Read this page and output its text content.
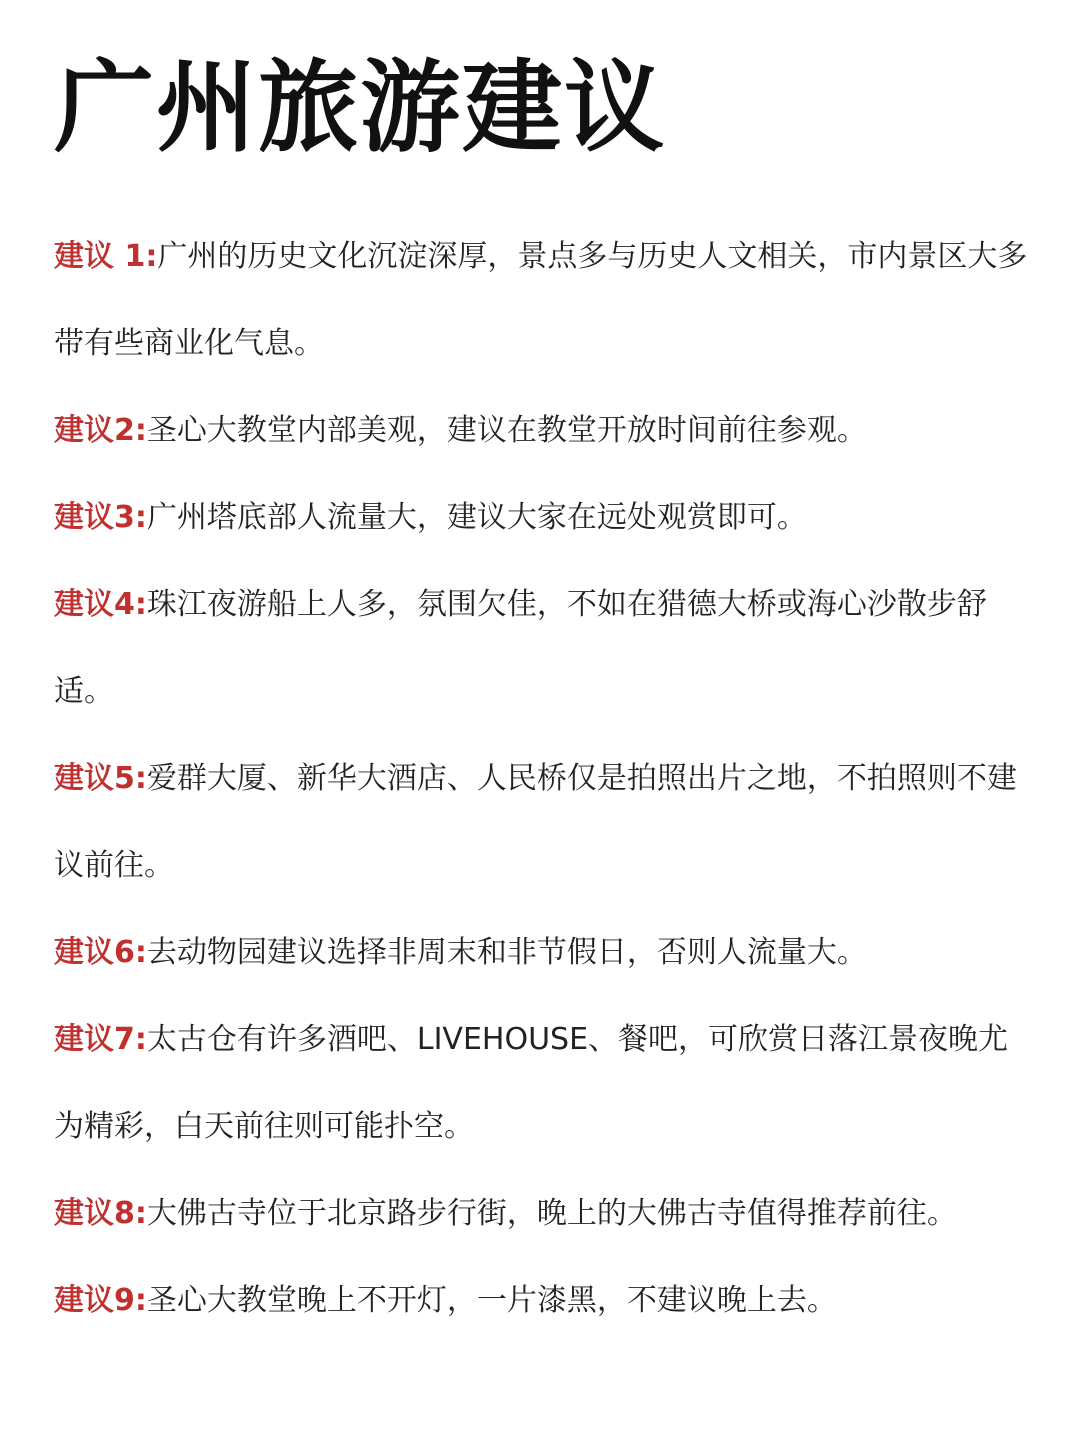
广州旅游建议
建议 1:广州的历史文化沉淀深厚，景点多与历史人文相关，市内景区大多带有些商业化气息。
建议2:圣心大教堂内部美观，建议在教堂开放时间前往参观。
建议3:广州塔底部人流量大，建议大家在远处观赏即可。
建议4:珠江夜游船上人多，氛围欠佳，不如在猎德大桥或海心沙散步舒适。
建议5:爱群大厦、新华大酒店、人民桥仅是拍照出片之地，不拍照则不建议前往。
建议6:去动物园建议选择非周末和非节假日，否则人流量大。
建议7:太古仓有许多酒吧、LIVEHOUSE、餐吧，可欣赏日落江景夜晚尤为精彩，白天前往则可能扑空。
建议8:大佛古寺位于北京路步行街，晚上的大佛古寺值得推荐前往。
建议9:圣心大教堂晚上不开灯，一片漆黑，不建议晚上去。
